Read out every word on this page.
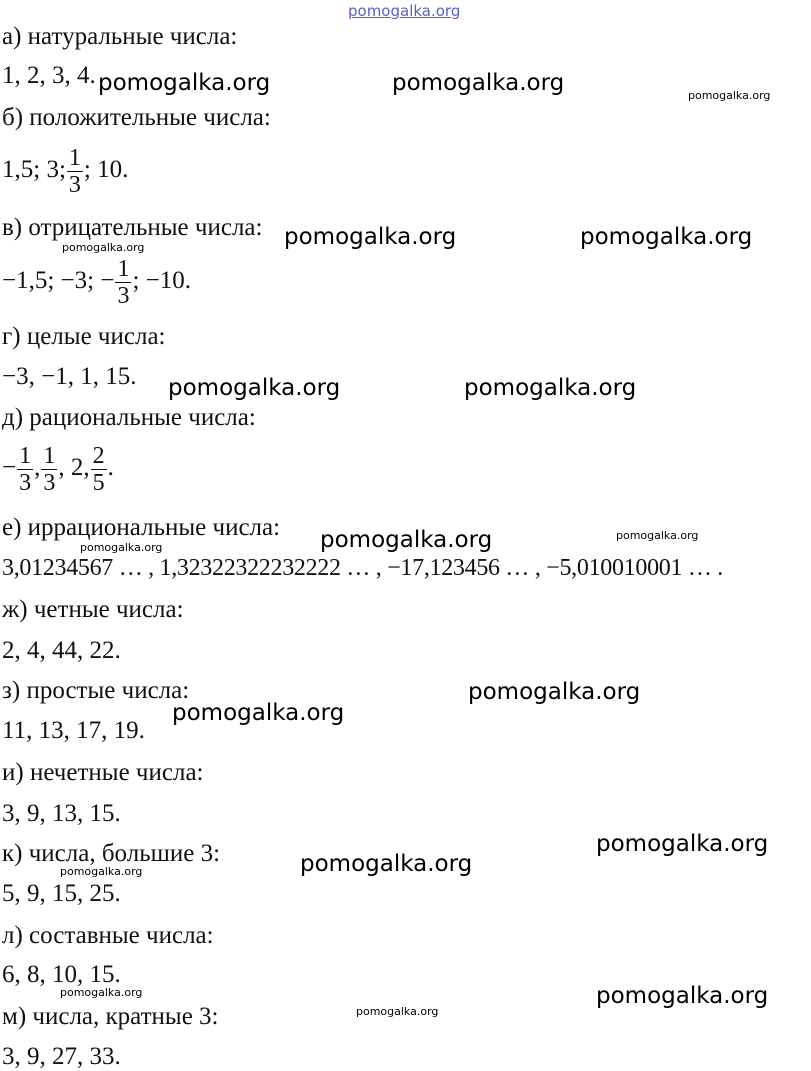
pomogalka.org
а) натуральные числа:
1, 2, 3, 4.
б) положительные числа:
1,5; 3; $\frac{1}{3}$ ; 10.
в) отрицательные числа:
−1,5; −3; − $\frac{1}{3}$ ; −10.
г) целые числа:
−3, −1, 1, 15.
д) рациональные числа:
− $\frac{1}{3}$ , $\frac{1}{3}$ , 2, $\frac{2}{5}$ .
е) иррациональные числа:
3,01234567 … , 1,32322322232222 … , −17,123456 … , −5,010010001 … .
ж) четные числа:
2, 4, 44, 22.
з) простые числа:
11, 13, 17, 19.
и) нечетные числа:
3, 9, 13, 15.
к) числа, большие 3:
5, 9, 15, 25.
л) составные числа:
6, 8, 10, 15.
м) числа, кратные 3:
3, 9, 27, 33.
pomogalka.org	pomogalka.org	pomogalka.org
pomogalka.org	pomogalka.org
pomogalka.org
pomogalka.org	pomogalka.org
pomogalka.org	pomogalka.org
pomogalka.org
pomogalka.org
pomogalka.org
pomogalka.org
pomogalka.org
pomogalka.org
pomogalka.org
pomogalka.org
pomogalka.org
